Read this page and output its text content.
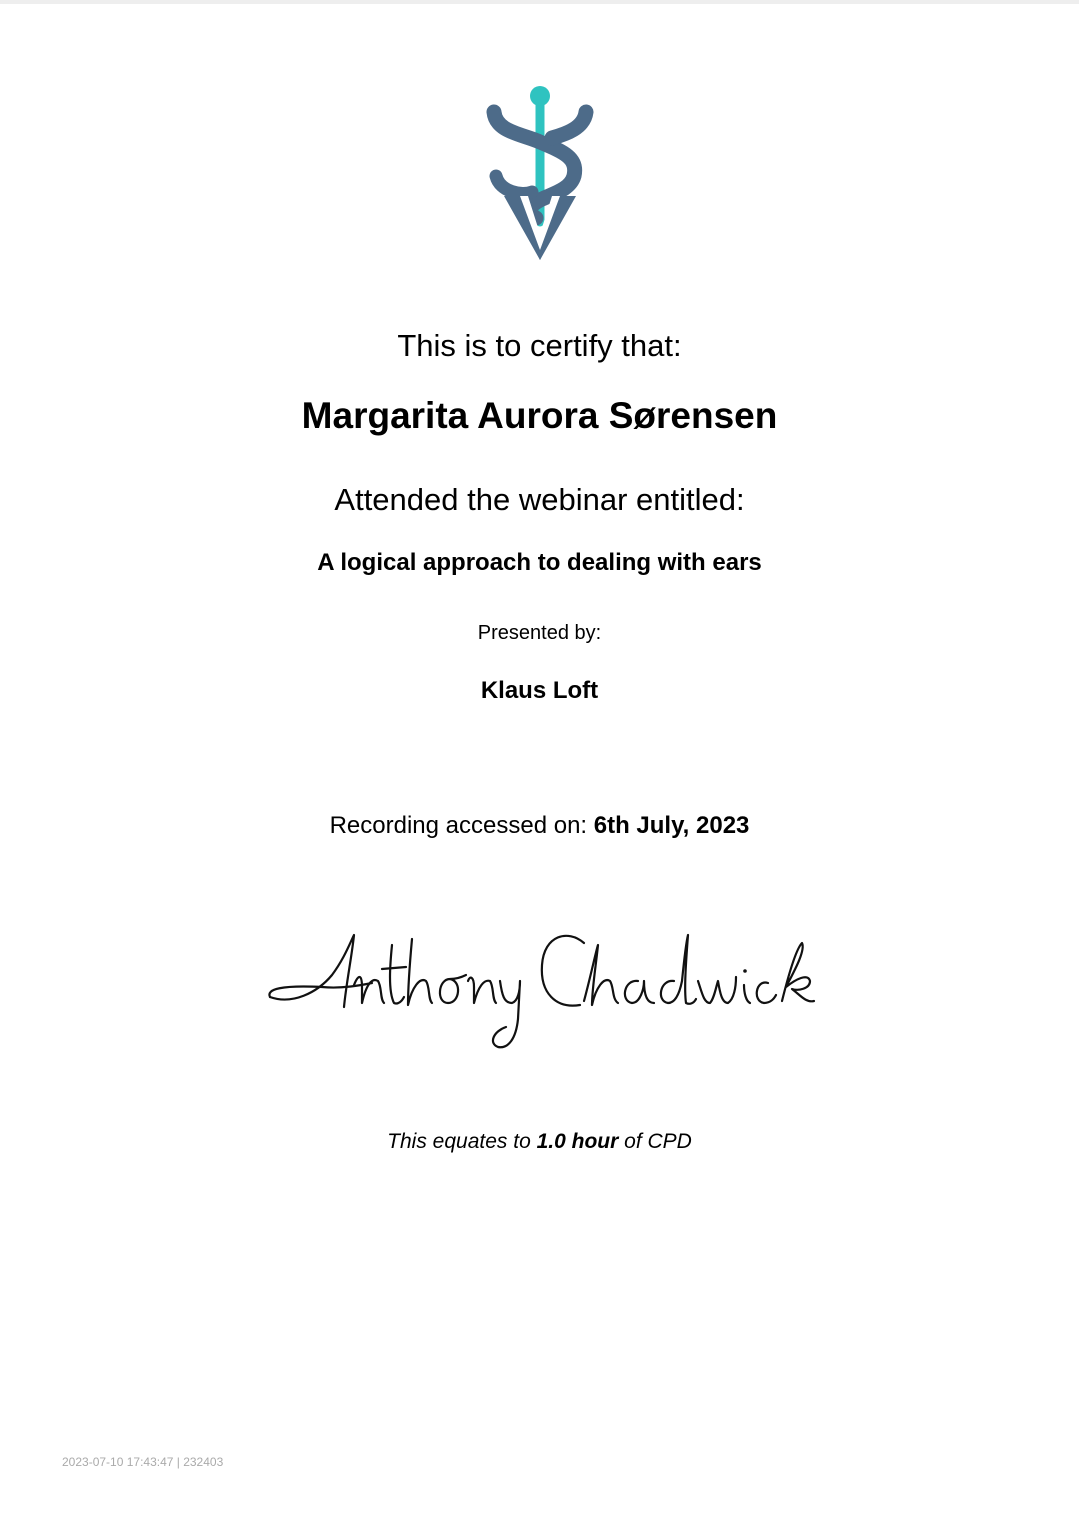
This is to certify that:
Margarita Aurora Sørensen
Attended the webinar entitled:
A logical approach to dealing with ears
Presented by:
Klaus Loft
Recording accessed on: 6th July, 2023
This equates to 1.0 hour of CPD
2023-07-10 17:43:47 | 232403
